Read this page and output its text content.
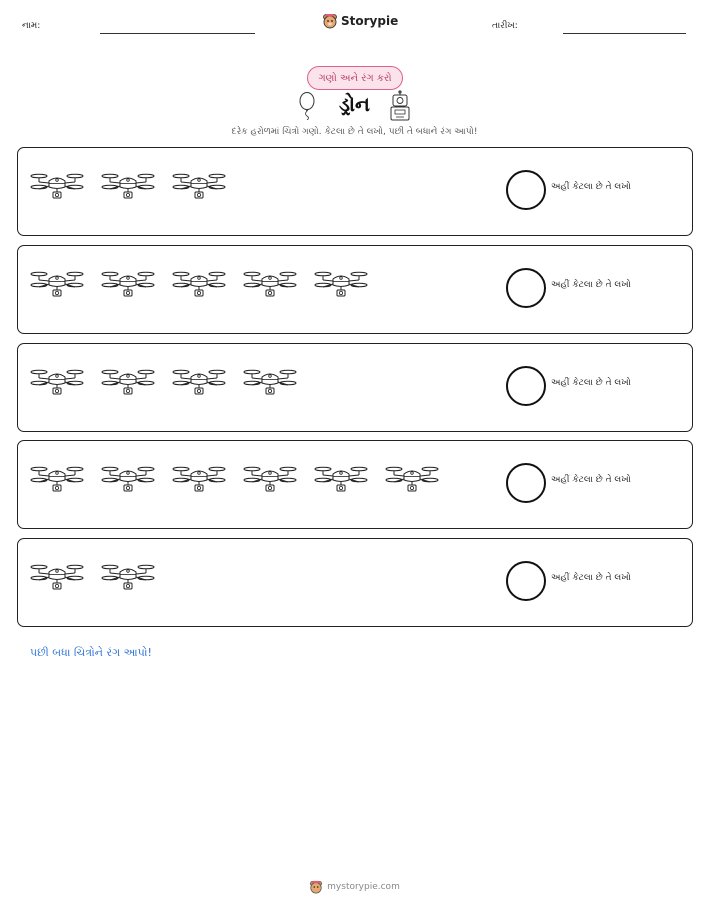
નામ:	Storypie	તારીખ:
ગણો અને રંગ કરો
ડ્રોન
દરેક હરોળમાં ચિત્રો ગણો. કેટલા છે તે લખો, પછી તે બધાને રંગ આપો!
અહીં કેટલા છે તે લખો
અહીં કેટલા છે તે લખો
અહીં કેટલા છે તે લખો
અહીં કેટલા છે તે લખો
અહીં કેટલા છે તે લખો
પછી બધા ચિત્રોને રંગ આપો!
mystorypie.com
